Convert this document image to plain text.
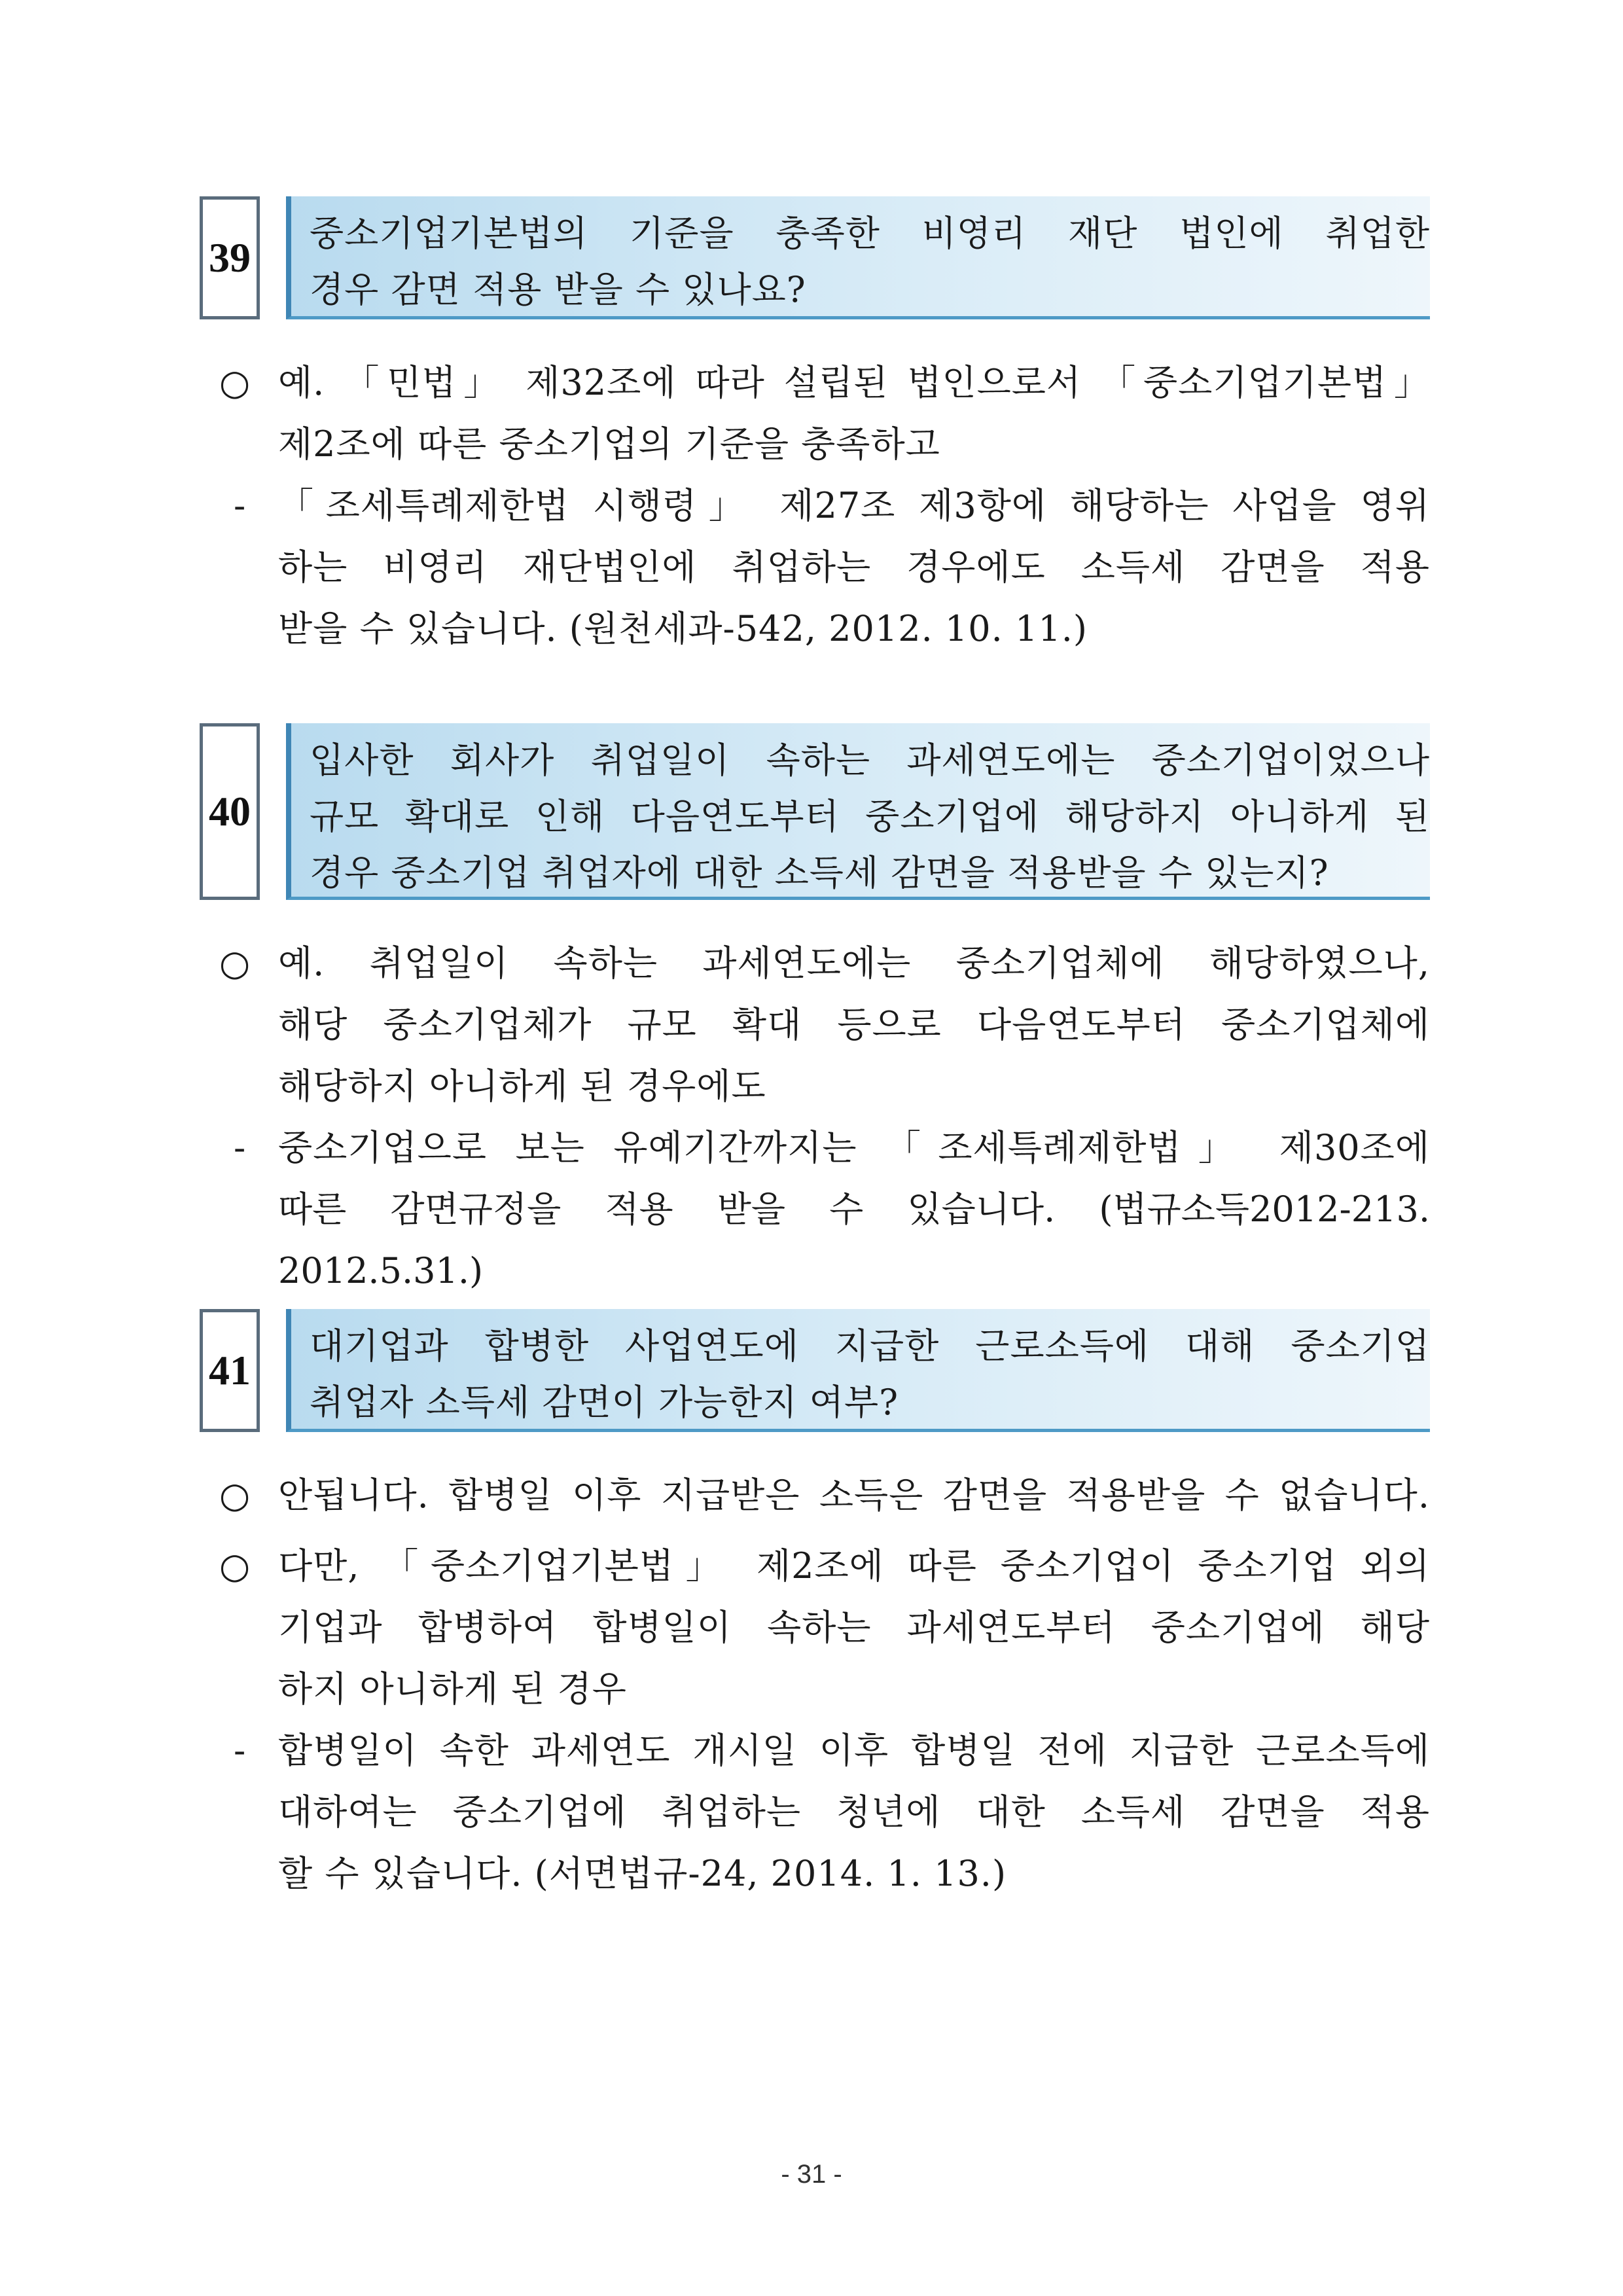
39
중소기업기본법의 기준을 충족한 비영리 재단 법인에 취업한
경우 감면 적용 받을 수 있나요?
○ 예. 「민법」 제32조에 따라 설립된 법인으로서 「중소기업기본법」
제2조에 따른 중소기업의 기준을 충족하고
- 「조세특례제한법 시행령」 제27조 제3항에 해당하는 사업을 영위
하는 비영리 재단법인에 취업하는 경우에도 소득세 감면을 적용
받을 수 있습니다. (원천세과-542, 2012. 10. 11.)
40
입사한 회사가 취업일이 속하는 과세연도에는 중소기업이었으나
규모 확대로 인해 다음연도부터 중소기업에 해당하지 아니하게 된
경우 중소기업 취업자에 대한 소득세 감면을 적용받을 수 있는지?
○ 예. 취업일이 속하는 과세연도에는 중소기업체에 해당하였으나,
해당 중소기업체가 규모 확대 등으로 다음연도부터 중소기업체에
해당하지 아니하게 된 경우에도
- 중소기업으로 보는 유예기간까지는 「조세특례제한법」 제30조에
따른 감면규정을 적용 받을 수 있습니다. (법규소득2012-213. 2012.5.31.)
41
대기업과 합병한 사업연도에 지급한 근로소득에 대해 중소기업
취업자 소득세 감면이 가능한지 여부?
○ 안됩니다. 합병일 이후 지급받은 소득은 감면을 적용받을 수 없습니다.
○ 다만, 「중소기업기본법」 제2조에 따른 중소기업이 중소기업 외의
기업과 합병하여 합병일이 속하는 과세연도부터 중소기업에 해당
하지 아니하게 된 경우
- 합병일이 속한 과세연도 개시일 이후 합병일 전에 지급한 근로소득에
대하여는 중소기업에 취업하는 청년에 대한 소득세 감면을 적용
할 수 있습니다. (서면법규-24, 2014. 1. 13.)
- 31 -
